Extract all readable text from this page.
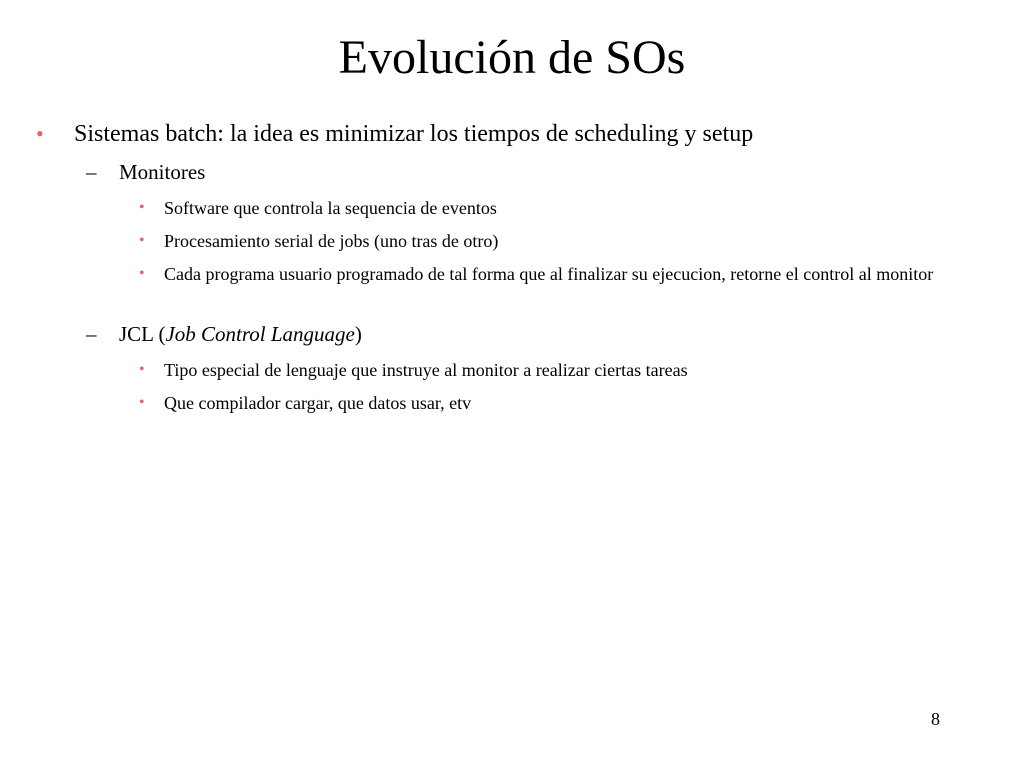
Evolución de SOs
• Sistemas batch: la idea es minimizar los tiempos de scheduling y setup
– Monitores
• Software que controla la sequencia de eventos
• Procesamiento serial de jobs (uno tras de otro)
• Cada programa usuario programado de tal forma que al finalizar su ejecucion, retorne el control al monitor
– JCL (Job Control Language)
• Tipo especial de lenguaje que instruye al monitor a realizar ciertas tareas
• Que compilador cargar, que datos usar, etv
8
